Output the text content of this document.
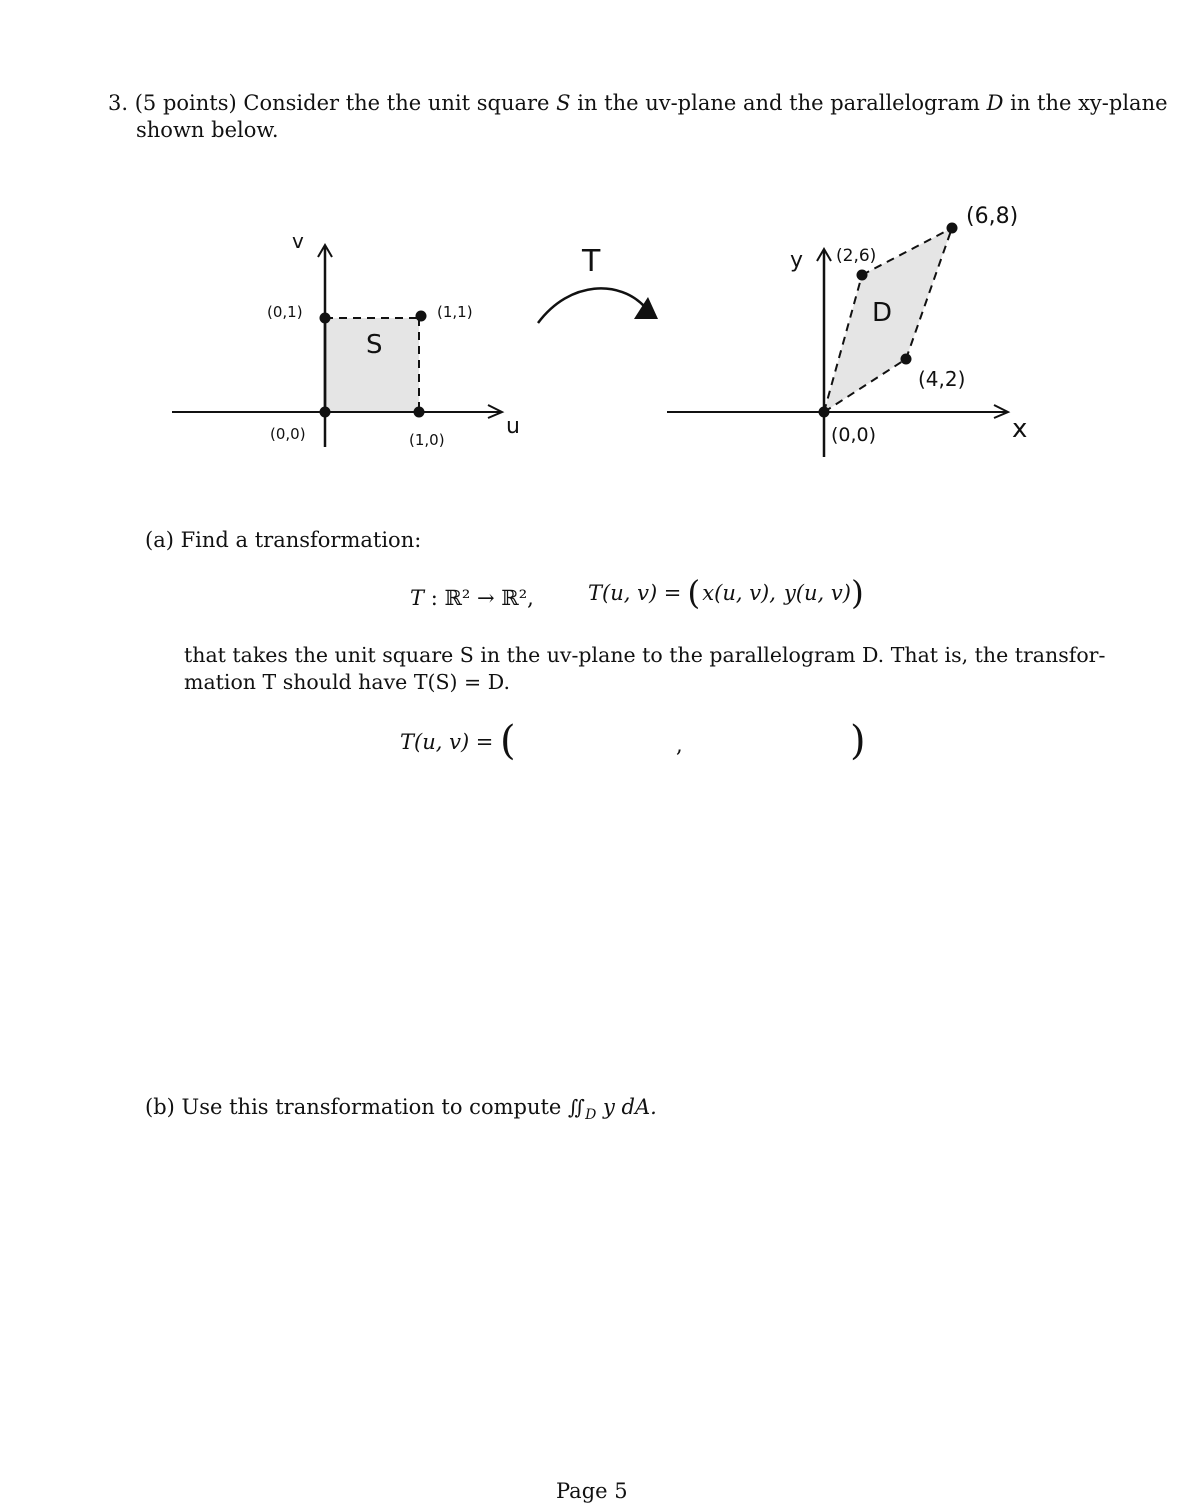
3. (5 points) Consider the the unit square S in the uv-plane and the parallelogram D in the xy-plane
shown below.
v
u
S
(0,1)	(1,1)
(0,0)	(1,0)
T	y
x
D
(2,6)
(6,8)
(4,2)
(0,0)
(a) Find a transformation:
T : ℝ² → ℝ²,	T(u, v) = ( x(u, v), y(u, v) )
that takes the unit square S in the uv-plane to the parallelogram D. That is, the transfor-
mation T should have T(S) = D.
T(u, v) = (	,	)
(b) Use this transformation to compute $∬_D$ y dA.
Page 5
